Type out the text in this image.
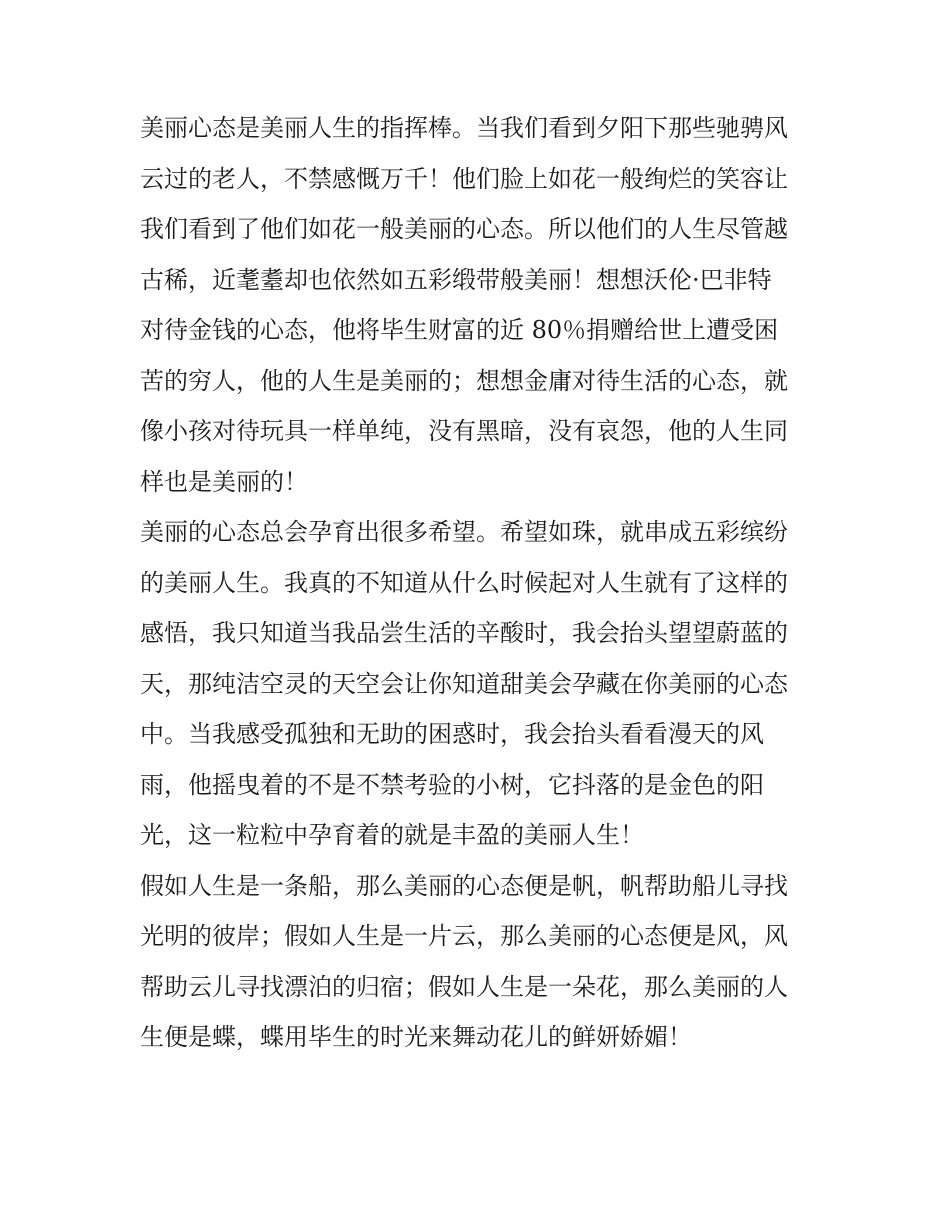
美丽心态是美丽人生的指挥棒。当我们看到夕阳下那些驰骋风
云过的老人，不禁感慨万千！他们脸上如花一般绚烂的笑容让
我们看到了他们如花一般美丽的心态。所以他们的人生尽管越
古稀，近耄耋却也依然如五彩缎带般美丽！想想沃伦·巴非特
对待金钱的心态，他将毕生财富的近 80％捐赠给世上遭受困
苦的穷人，他的人生是美丽的；想想金庸对待生活的心态，就
像小孩对待玩具一样单纯，没有黑暗，没有哀怨，他的人生同
样也是美丽的！
美丽的心态总会孕育出很多希望。希望如珠，就串成五彩缤纷
的美丽人生。我真的不知道从什么时候起对人生就有了这样的
感悟，我只知道当我品尝生活的辛酸时，我会抬头望望蔚蓝的
天，那纯洁空灵的天空会让你知道甜美会孕藏在你美丽的心态
中。当我感受孤独和无助的困惑时，我会抬头看看漫天的风
雨，他摇曳着的不是不禁考验的小树，它抖落的是金色的阳
光，这一粒粒中孕育着的就是丰盈的美丽人生！
假如人生是一条船，那么美丽的心态便是帆，帆帮助船儿寻找
光明的彼岸；假如人生是一片云，那么美丽的心态便是风，风
帮助云儿寻找漂泊的归宿；假如人生是一朵花，那么美丽的人
生便是蝶，蝶用毕生的时光来舞动花儿的鲜妍娇媚！
